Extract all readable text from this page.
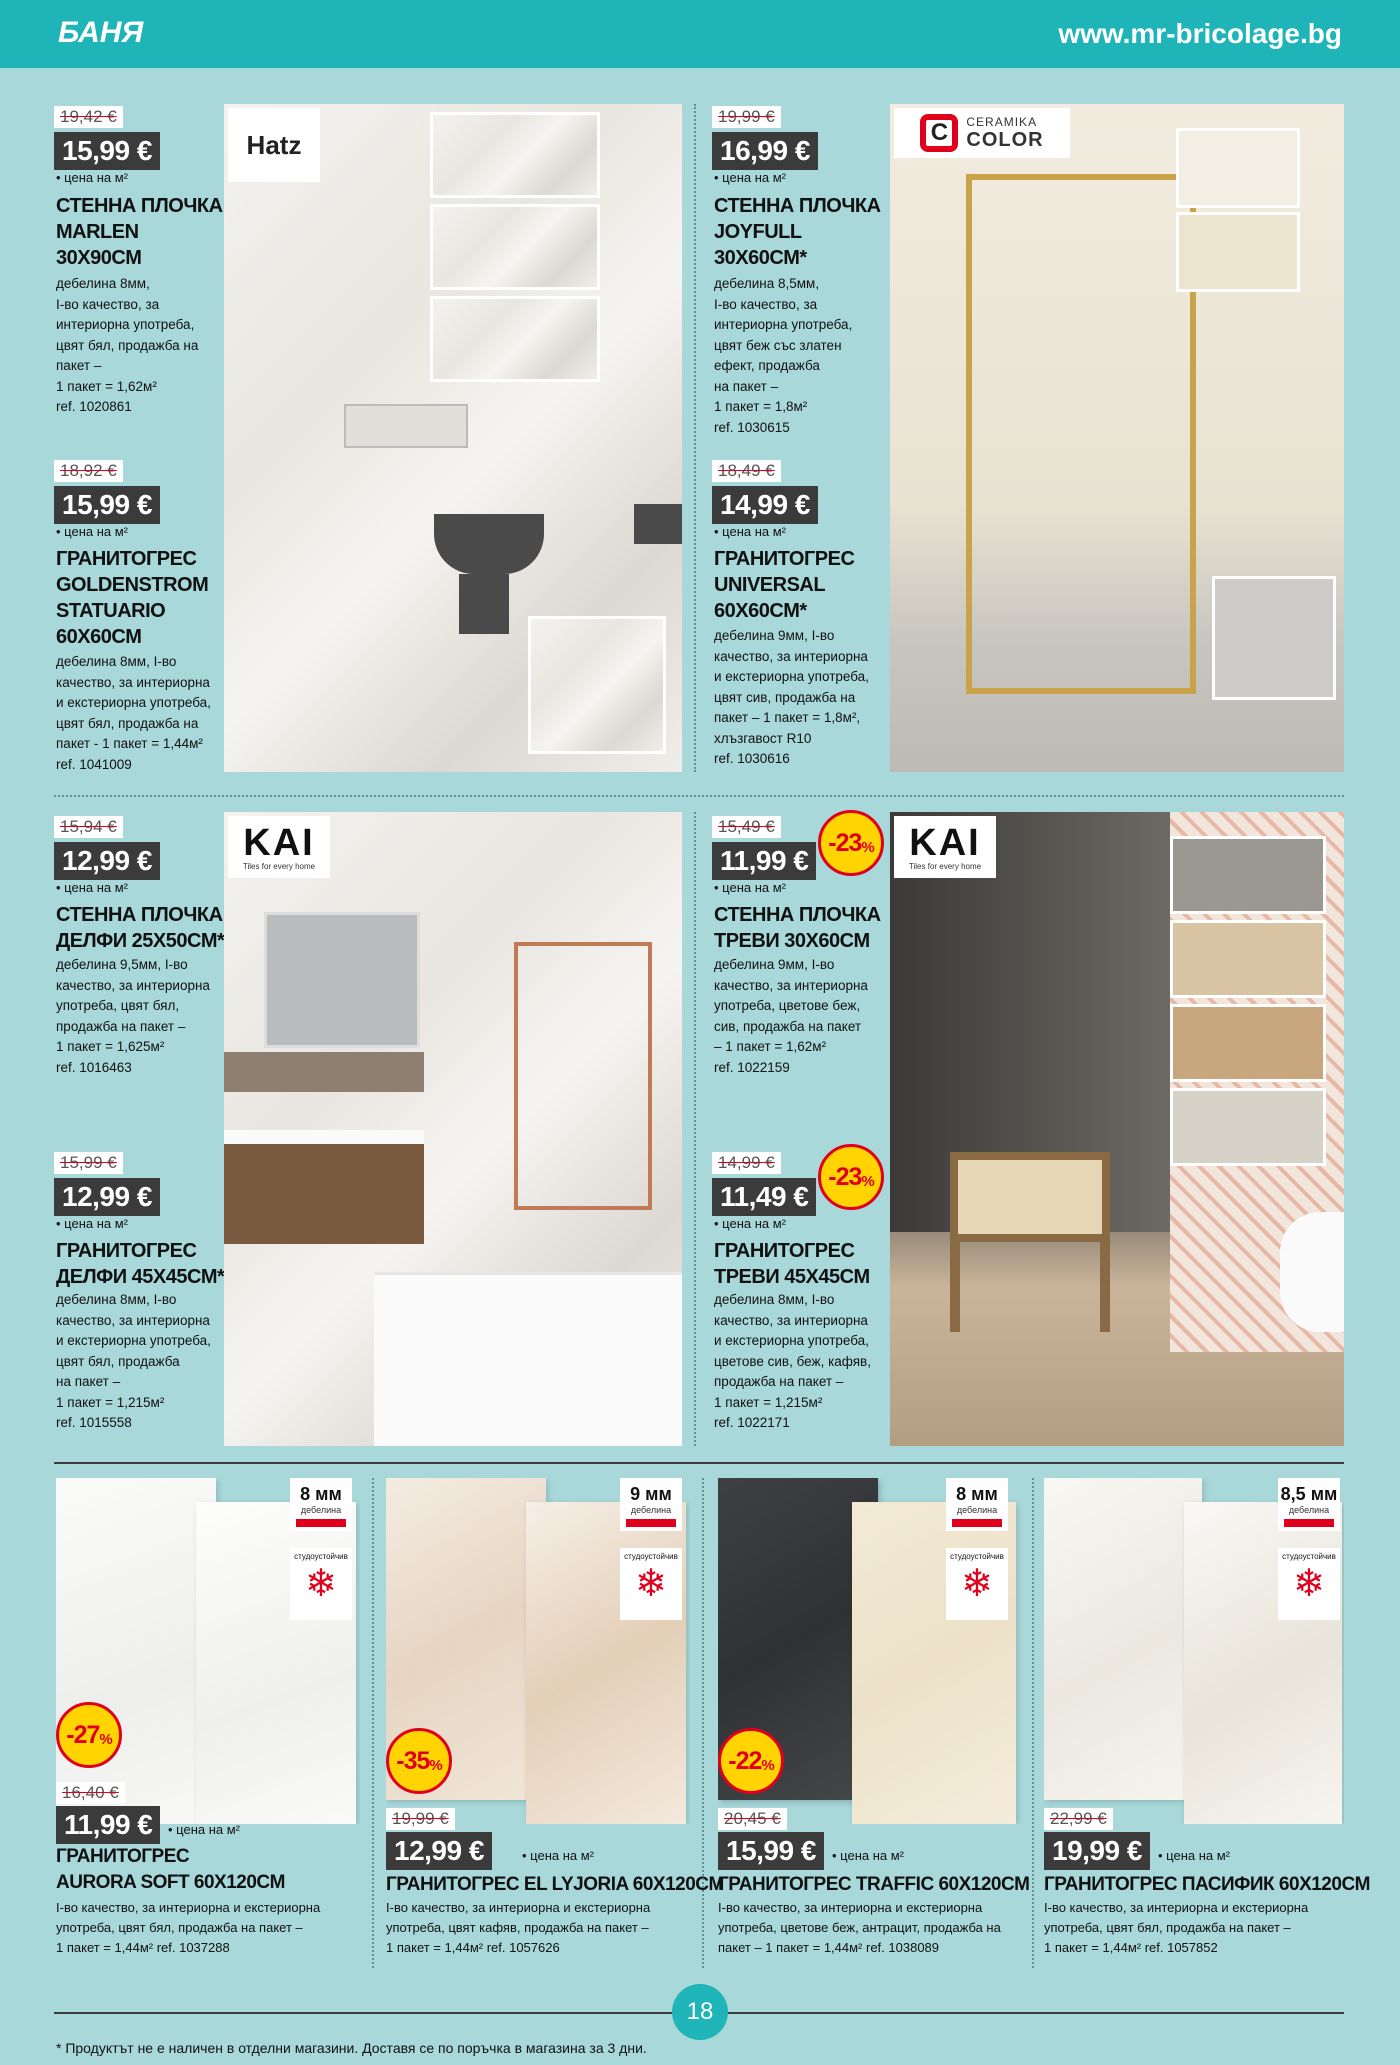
БАНЯ	www.mr-bricolage.bg
19,42 €
15,99 €
• цена на м²
СТЕННА ПЛОЧКА
MARLEN
30X90CM
дебелина 8мм,
I-во качество, за
интериорна употреба,
цвят бял, продажба на
пакет –
1 пакет = 1,62м²
ref. 1020861
18,92 €
15,99 €
• цена на м²
ГРАНИТОГРЕС
GOLDENSTROM
STATUARIO
60X60CM
дебелина 8мм, I-во
качество, за интериорна
и екстериорна употреба,
цвят бял, продажба на
пакет - 1 пакет = 1,44м²
ref. 1041009
Hatz
19,99 €
16,99 €
• цена на м²
СТЕННА ПЛОЧКА
JOYFULL
30X60CM*
дебелина 8,5мм,
I-во качество, за
интериорна употреба,
цвят беж със златен
ефект, продажба
на пакет –
1 пакет = 1,8м²
ref. 1030615
18,49 €
14,99 €
• цена на м²
ГРАНИТОГРЕС
UNIVERSAL
60X60CM*
дебелина 9мм, I-во
качество, за интериорна
и екстериорна употреба,
цвят сив, продажба на
пакет – 1 пакет = 1,8м²,
хлъзгавост R10
ref. 1030616
C	CERAMIKA
COLOR
15,94 €
12,99 €
• цена на м²
СТЕННА ПЛОЧКА
ДЕЛФИ 25X50CM*
дебелина 9,5мм, I-во
качество, за интериорна
употреба, цвят бял,
продажба на пакет –
1 пакет = 1,625м²
ref. 1016463
15,99 €
12,99 €
• цена на м²
ГРАНИТОГРЕС
ДЕЛФИ 45X45CM*
дебелина 8мм, I-во
качество, за интериорна
и екстериорна употреба,
цвят бял, продажба
на пакет –
1 пакет = 1,215м²
ref. 1015558
KAI
Tiles for every home
15,49 €
11,99 €
-23 %
• цена на м²
СТЕННА ПЛОЧКА
ТРЕВИ 30X60CM
дебелина 9мм, I-во
качество, за интериорна
употреба, цветове беж,
сив, продажба на пакет
– 1 пакет = 1,62м²
ref. 1022159
14,99 €
11,49 €
-23 %
• цена на м²
ГРАНИТОГРЕС
ТРЕВИ 45X45CM
дебелина 8мм, I-во
качество, за интериорна
и екстериорна употреба,
цветове сив, беж, кафяв,
продажба на пакет –
1 пакет = 1,215м²
ref. 1022171
KAI
Tiles for every home
8 мм
дебелина
студоустойчив
❄
-27 %
16,40 €
11,99 €	• цена на м²
ГРАНИТОГРЕС
AURORA SOFT 60X120CM
I-во качество, за интериорна и екстериорна
употреба, цвят бял, продажба на пакет –
1 пакет = 1,44м² ref. 1037288
9 мм
дебелина
студоустойчив
❄
-35 %
19,99 €
12,99 €	• цена на м²
ГРАНИТОГРЕС EL LYJORIA 60X120CM
I-во качество, за интериорна и екстериорна
употреба, цвят кафяв, продажба на пакет –
1 пакет = 1,44м² ref. 1057626
8 мм
дебелина
студоустойчив
❄
-22 %
20,45 €
15,99 €	• цена на м²
ГРАНИТОГРЕС TRAFFIC 60X120CM
I-во качество, за интериорна и екстериорна
употреба, цветове беж, антрацит, продажба на
пакет – 1 пакет = 1,44м² ref. 1038089
8,5 мм
дебелина
студоустойчив
❄
22,99 €
19,99 €	• цена на м²
ГРАНИТОГРЕС ПАСИФИК 60X120CM
I-во качество, за интериорна и екстериорна
употреба, цвят бял, продажба на пакет –
1 пакет = 1,44м² ref. 1057852
18
* Продуктът не е наличен в отделни магазини. Доставя се по поръчка в магазина за 3 дни.
